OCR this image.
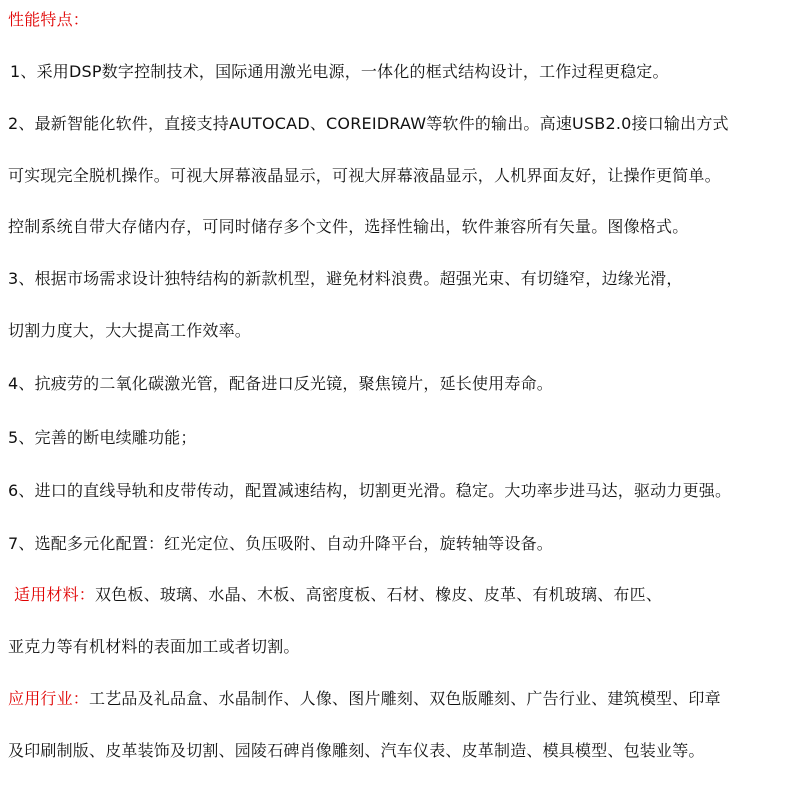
性能特点：
1、采用DSP数字控制技术，国际通用激光电源，一体化的框式结构设计，工作过程更稳定。
2、最新智能化软件，直接支持AUTOCAD、COREIDRAW等软件的输出。高速USB2.0接口输出方式
可实现完全脱机操作。可视大屏幕液晶显示，可视大屏幕液晶显示，人机界面友好，让操作更简单。
控制系统自带大存储内存，可同时储存多个文件，选择性输出，软件兼容所有矢量。图像格式。
3、根据市场需求设计独特结构的新款机型，避免材料浪费。超强光束、有切缝窄，边缘光滑，
切割力度大，大大提高工作效率。
4、抗疲劳的二氧化碳激光管，配备进口反光镜，聚焦镜片，延长使用寿命。
5、完善的断电续雕功能；
6、进口的直线导轨和皮带传动，配置减速结构，切割更光滑。稳定。大功率步进马达，驱动力更强。
7、选配多元化配置：红光定位、负压吸附、自动升降平台，旋转轴等设备。
适用材料：双色板、玻璃、水晶、木板、高密度板、石材、橡皮、皮革、有机玻璃、布匹、
亚克力等有机材料的表面加工或者切割。
应用行业：工艺品及礼品盒、水晶制作、人像、图片雕刻、双色版雕刻、广告行业、建筑模型、印章
及印刷制版、皮革装饰及切割、园陵石碑肖像雕刻、汽车仪表、皮革制造、模具模型、包装业等。
